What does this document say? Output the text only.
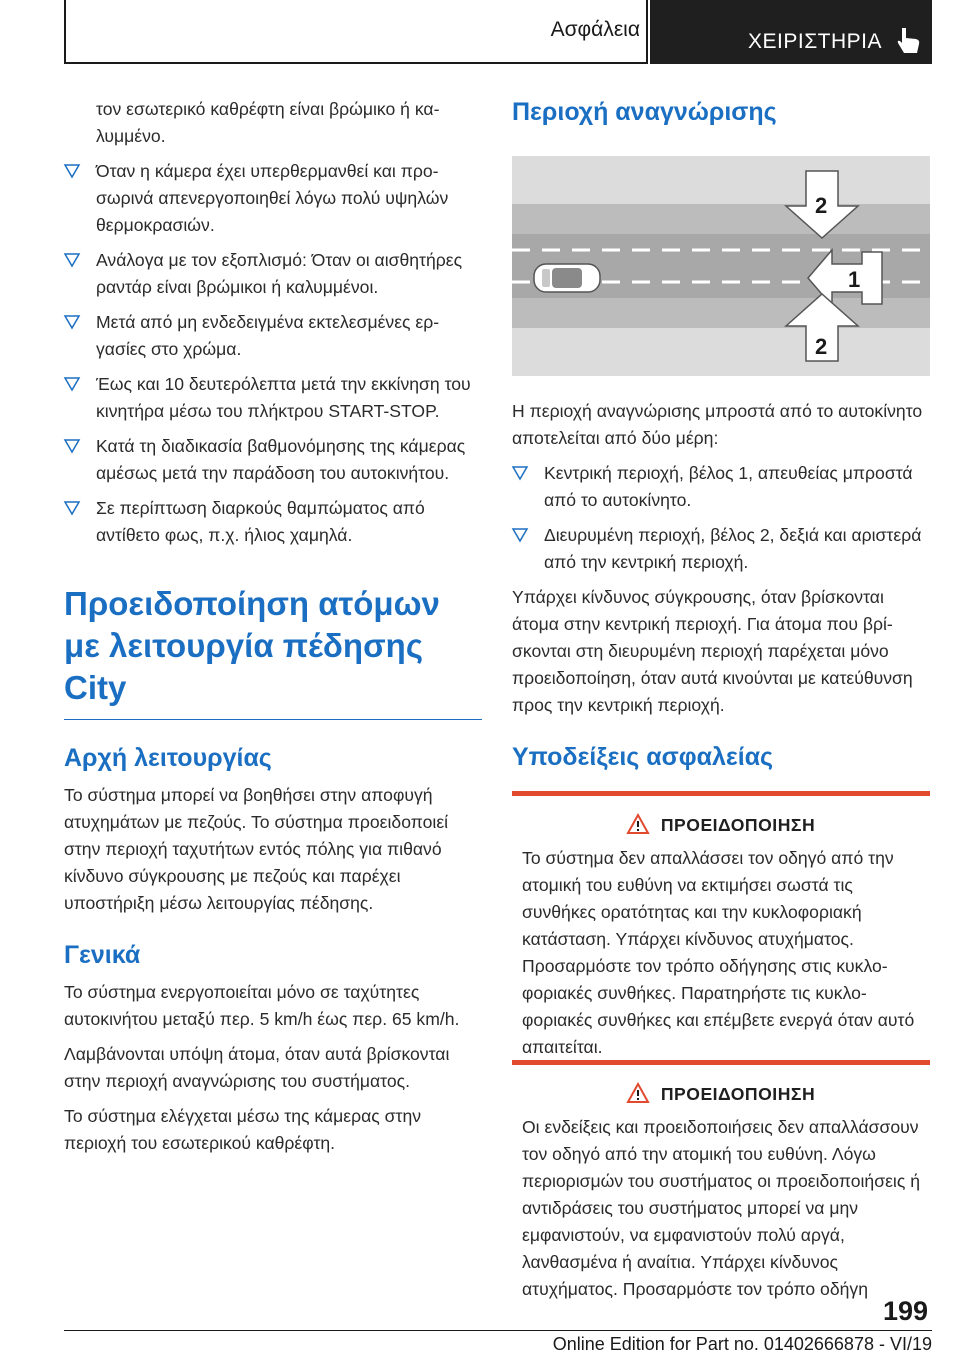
Ασφάλεια
ΧΕΙΡΙΣΤΗΡΙΑ

τον εσωτερικό καθρέφτη είναι βρώμικο ή καλυμμένο.

Όταν η κάμερα έχει υπερθερμανθεί και προσωρινά απενεργοποιηθεί λόγω πολύ υψηλών θερμοκρασιών.
Ανάλογα με τον εξοπλισμό: Όταν οι αισθητήρες ραντάρ είναι βρώμικοι ή καλυμμένοι.
Μετά από μη ενδεδειγμένα εκτελεσμένες εργασίες στο χρώμα.
Έως και 10 δευτερόλεπτα μετά την εκκίνηση του κινητήρα μέσω του πλήκτρου START-STOP.
Κατά τη διαδικασία βαθμονόμησης της κάμερας αμέσως μετά την παράδοση του αυτοκινήτου.
Σε περίπτωση διαρκούς θαμπώματος από αντίθετο φως, π.χ. ήλιος χαμηλά.
Προειδοποίηση ατόμων με λειτουργία πέδησης City
Αρχή λειτουργίας

Το σύστημα μπορεί να βοηθήσει στην αποφυγή ατυχημάτων με πεζούς. Το σύστημα προειδοποιεί στην περιοχή ταχυτήτων εντός πόλης για πιθανό κίνδυνο σύγκρουσης με πεζούς και παρέχει υποστήριξη μέσω λειτουργίας πέδησης.

Γενικά

Το σύστημα ενεργοποιείται μόνο σε ταχύτητες αυτοκινήτου μεταξύ περ. 5 km/h έως περ. 65 km/h.

Λαμβάνονται υπόψη άτομα, όταν αυτά βρίσκονται στην περιοχή αναγνώρισης του συστήματος.

Το σύστημα ελέγχεται μέσω της κάμερας στην περιοχή του εσωτερικού καθρέφτη.

Περιοχή αναγνώρισης
2
1
2

Η περιοχή αναγνώρισης μπροστά από το αυτοκίνητο αποτελείται από δύο μέρη:

Κεντρική περιοχή, βέλος 1, απευθείας μπροστά από το αυτοκίνητο.
Διευρυμένη περιοχή, βέλος 2, δεξιά και αριστερά από την κεντρική περιοχή.

Υπάρχει κίνδυνος σύγκρουσης, όταν βρίσκονται άτομα στην κεντρική περιοχή. Για άτομα που βρίσκονται στη διευρυμένη περιοχή παρέχεται μόνο προειδοποίηση, όταν αυτά κινούνται με κατεύθυνση προς την κεντρική περιοχή.

Υποδείξεις ασφαλείας
ΠΡΟΕΙΔΟΠΟΙΗΣΗ
Το σύστημα δεν απαλλάσσει τον οδηγό από την ατομική του ευθύνη να εκτιμήσει σωστά τις συνθήκες ορατότητας και την κυκλοφοριακή κατάσταση. Υπάρχει κίνδυνος ατυχήματος. Προσαρμόστε τον τρόπο οδήγησης στις κυκλοφοριακές συνθήκες. Παρατηρήστε τις κυκλοφοριακές συνθήκες και επέμβετε ενεργά όταν αυτό απαιτείται.
ΠΡΟΕΙΔΟΠΟΙΗΣΗ
Οι ενδείξεις και προειδοποιήσεις δεν απαλλάσσουν τον οδηγό από την ατομική του ευθύνη. Λόγω περιορισμών του συστήματος οι προειδοποιήσεις ή αντιδράσεις του συστήματος μπορεί να μην εμφανιστούν, να εμφανιστούν πολύ αργά, λανθασμένα ή αναίτια. Υπάρχει κίνδυνος ατυχήματος. Προσαρμόστε τον τρόπο οδήγη
199
Online Edition for Part no. 01402666878 - VI/19
